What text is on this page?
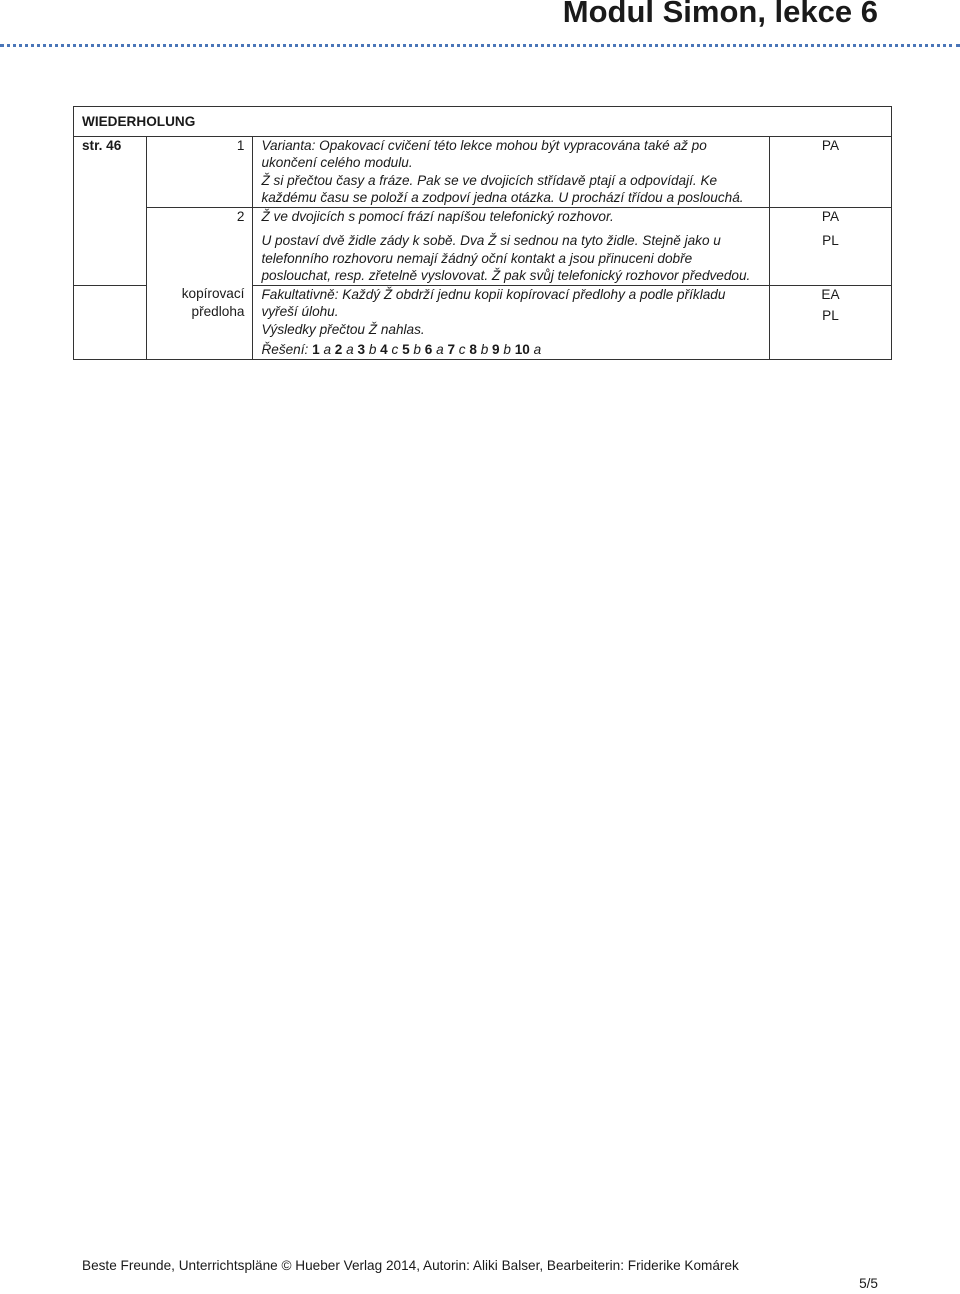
Modul Simon, lekce 6
WIEDERHOLUNG			
str. 46	1	Varianta: Opakovací cvičení této lekce mohou být vypracována také až po ukončení celého modulu.
Ž si přečtou časy a fráze. Pak se ve dvojicích střídavě ptají a odpovídají. Ke každému času se položí a zodpoví jedna otázka. U prochází třídou a poslouchá.	PA

	2	Ž ve dvojicích s pomocí frází napíšou telefonický rozhovor.
U postaví dvě židle zády k sobě. Dva Ž si sednou na tyto židle. Stejně jako u telefonního rozhovoru nemají žádný oční kontakt a jsou přinuceni dobře poslouchat, resp. zřetelně vyslovovat. Ž pak svůj telefonický rozhovor předvedou.	PA
PL

	kopírovací předloha	Fakultativně: Každý Ž obdrží jednu kopii kopírovací předlohy a podle příkladu vyřeší úlohu.
Výsledky přečtou Ž nahlas.
Řešení: 1 a 2 a 3 b 4 c 5 b 6 a 7 c 8 b 9 b 10 a	EA
PL
Beste Freunde, Unterrichtspläne © Hueber Verlag 2014, Autorin: Aliki Balser, Bearbeiterin: Friderike Komárek
5/5
